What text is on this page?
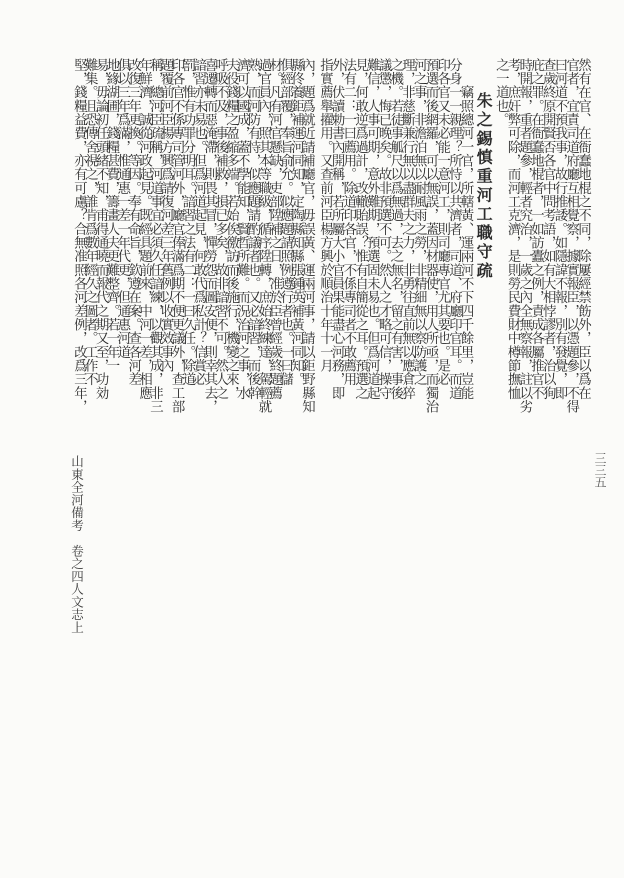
然有在官、在衙蠢地棍之不同，除屢經禁飭外，臣以爲在
官者，宜責司道府廳互相覺察，據實報臣，以憑題參，不得
曰河道不預我事，故行推諉。如隱諱不報，別有發覺，即
查歲終原開賢否各官中問考語，如有大相悖謬者，治以狥
庇之罪。在衙蠢地棍者，一如訪蠹之例，責成各屬推官不
時開報，重者題參，輕者究治，一歲之內全無察報，註以劣
考，庶奸弊可除，而河工克濟，是則勞民費財中樽節撫恤
之一道也。
　　竊照總河一官，所轄黃、運兩河不下四千餘里，豈能
分身一一親理？所恃以共濟者，司道、府廳印官耳。而道
印各官又未必能一意河工，則司廳專官尤其要也。是必
預選而後網羅，可以無誤，蓋因材器使，用人所亟，而獨治
河之事，非澹泊無以耐風雨之勞，非精細無以察防護之
理，非慈斷兼行無以盡群夫之力，非勇往直前無以應倉猝
之機。若徒事觚尺以爲無過，去之無名，留之有害，事後
議懲，悔已晚矣。故非預選不可。然人之才略可信，操守
難信，人事可期，意外難期，預選固未易也。但爲河道起
見，何敢逆爲過計，改轍貽誤？惟有自簡從之耳。預選之
法有二：一曰薦用。除道印各官，不係專司者不敢薦用
外，伏讀勅書內開稱，若所屬大小官員果能盡心河務，即
指實薦舉擢用。又查前河臣楊方興於順治十年十一月	朱之錫慎重河工職守疏
山東全河備考　卷之四人文志上
內，題爲就近請補廳官，毋誤黃、運兩河事，請以鉅野縣知
縣佟養鉅補運河同知，定陶縣知縣張鍾英補黃河同知。
俱經部覆，奉旨俞允。似應題請照例遵行者也。一曰儲
材。凡有河官懸缺，吏部陞補之日，准於臣曾經歲終題薦
過官員內，照其本等職級，循序陞轉，庶始終練達，駕輕就
熟，而河防有恃，似應題請酌議者也。又必諳習，而後幹
濟可以國成，蓋不學能知，賢哲所難。而況治河之事，水
夫役錢糧之盈縮多端。若始俟徼訪而後施行，機變之來，
呼吸不及，事後補救，損已多矣，故非諳習不可。然人之
喜遷轉而惡淹滯，則畏其冒，憚勞怨而圖安便，則幸其去，
諳習亦未易也。但爲河道起見，何敢代爲私計？信賞必
罰，惟有功罪分明耳。諳習之法有二：一曰久任。除道
印各官不係專司管河外，廳官俸滿爲期不便更議外，查工部
題覆前河臣楊方興爲請復河差三年舊例以收實效事內
稱，總河臣疏稱，河道事宜必須久任諳練，以觀其成，非三
年鮮濟，誠從河政起見。既經具題前來，中河一差，相應
改復三年更換。等因。奉有命旨，欽遵在案。查各河差
俱以三年爲滿，惟通惠一差一年代更，但通惠河道
地緣湖圃，錢糧甚費，籌畫人夫更難整齊。若一年一
易，毋論初任頭緒不知，甫得通曉而報代之期又至，功効
難集。且恐傳舍視之，誰肯爲數年經久之圖者。工作不
堅，錢糧益費，亦有可慮？合無准照各河差例，改爲三年，
三三五
